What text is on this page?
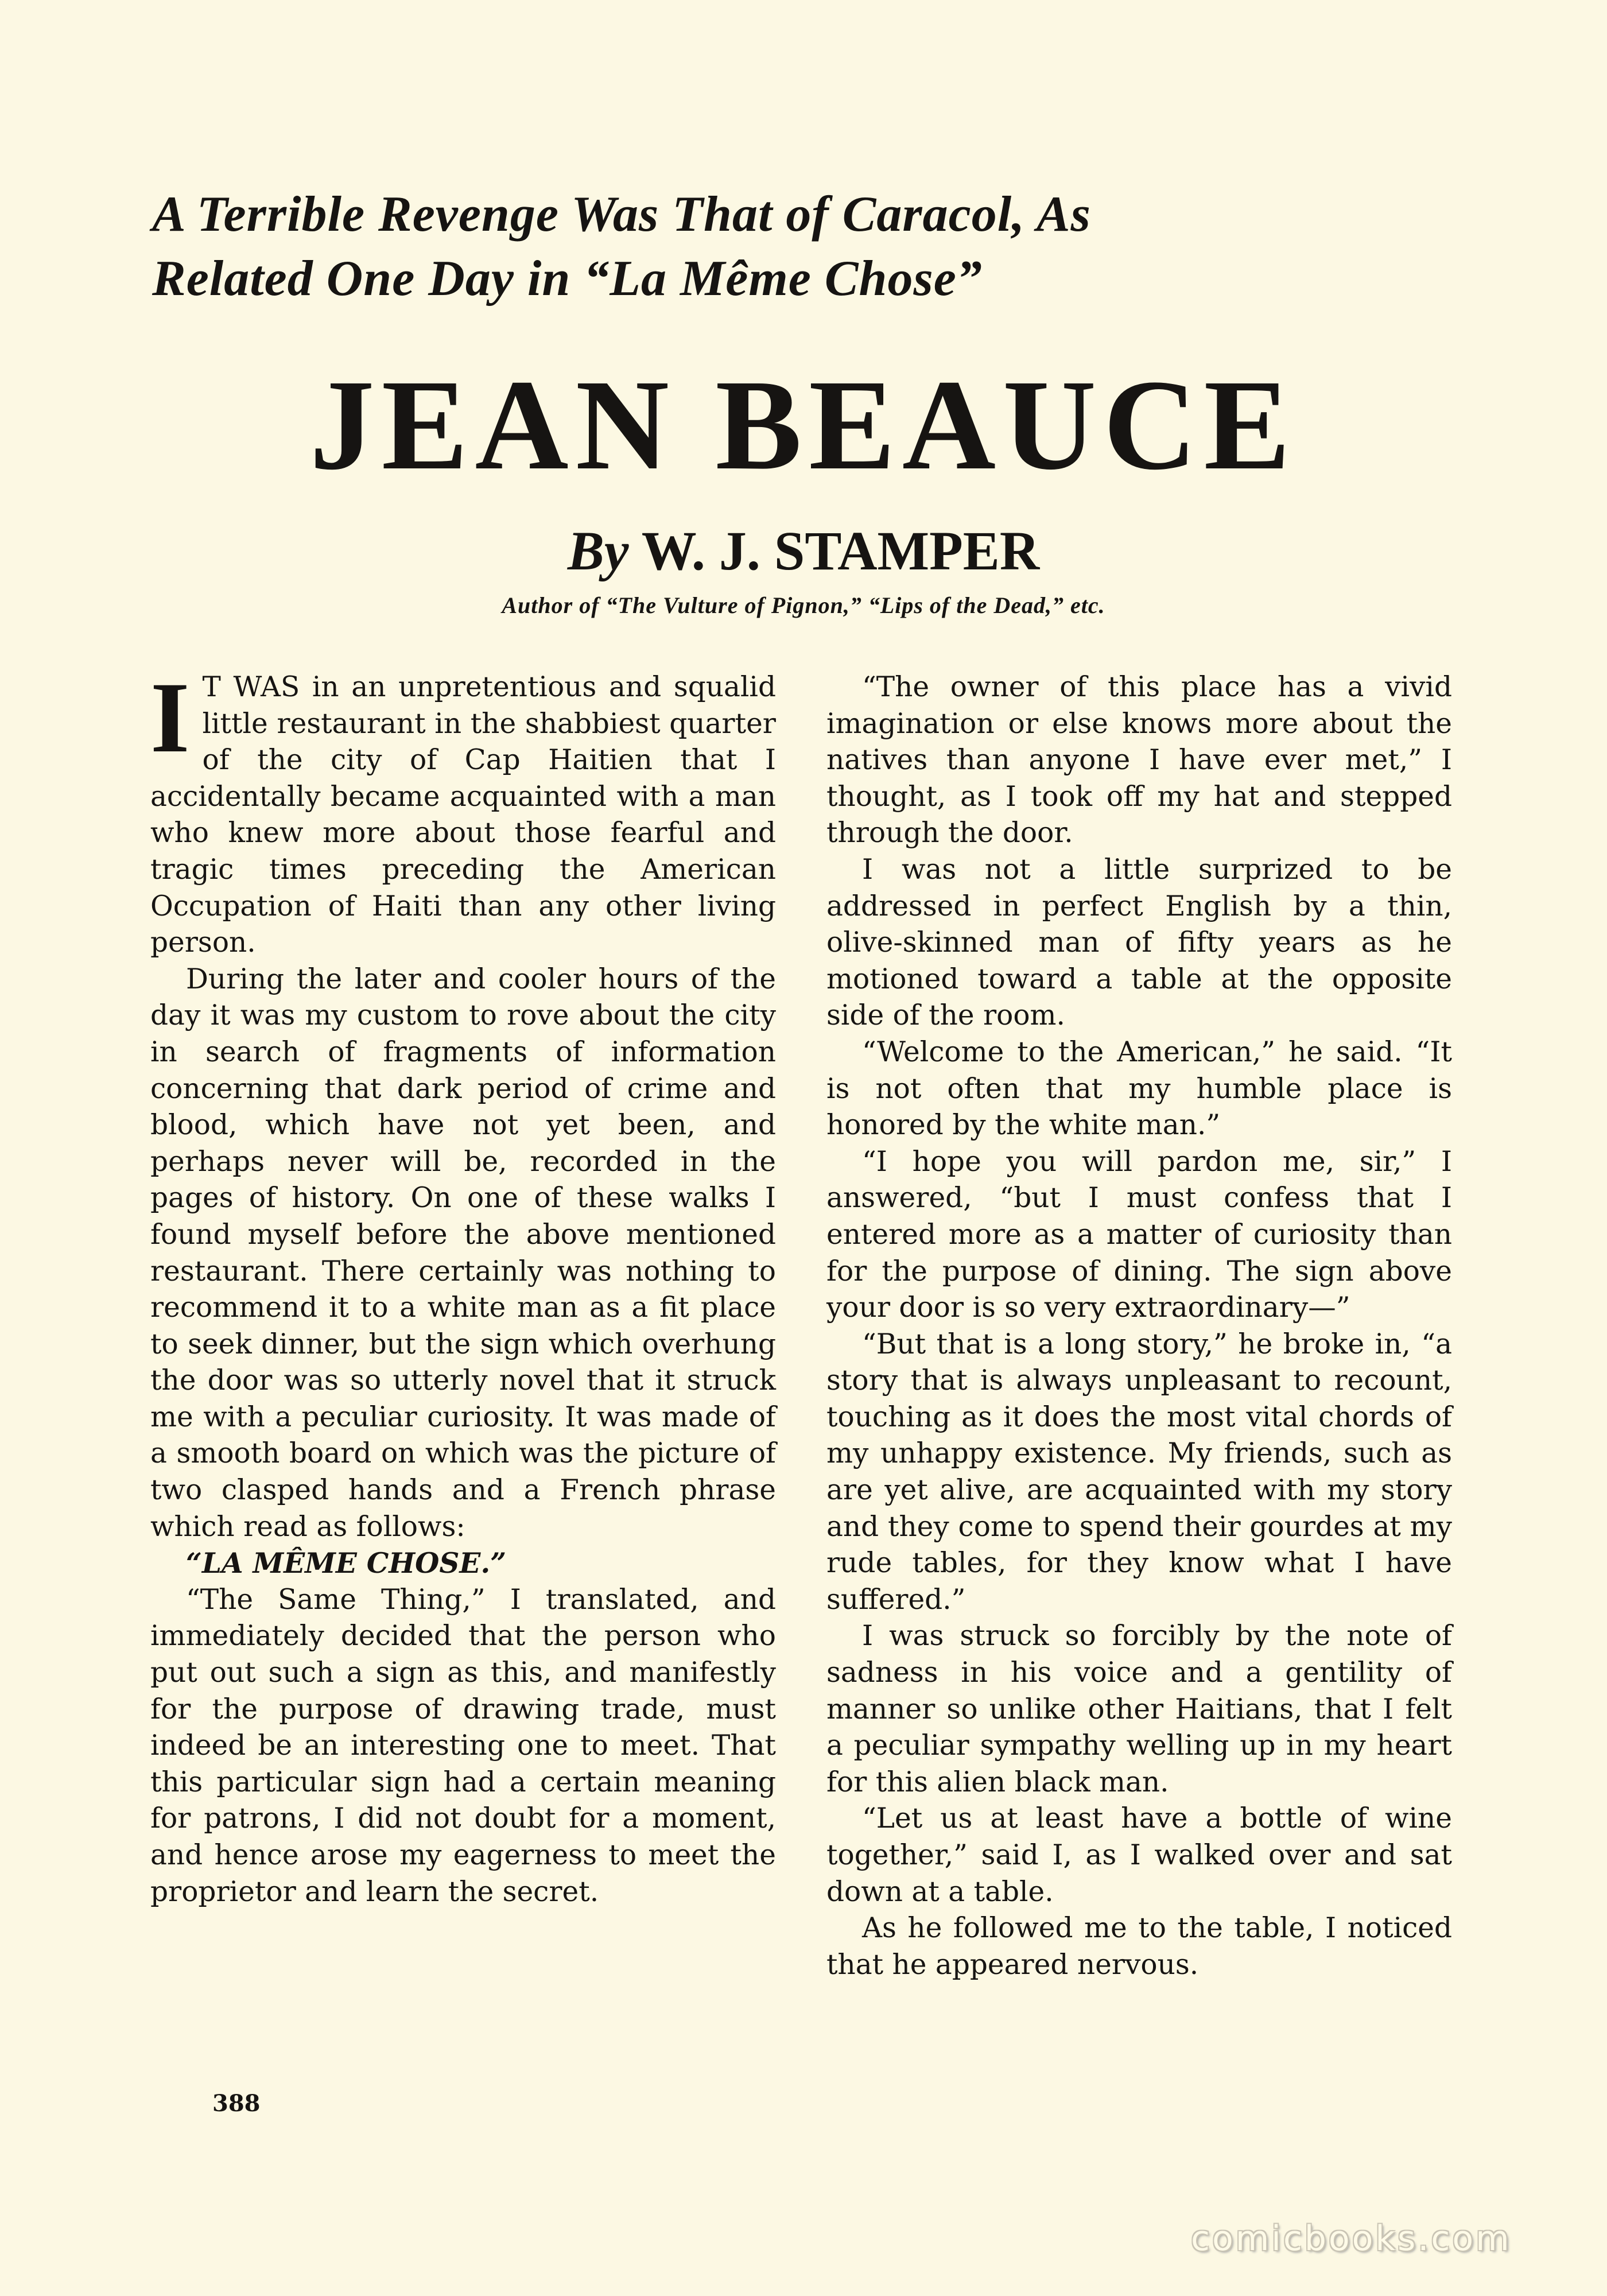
A Terrible Revenge Was That of Caracol, As
Related One Day in “La Même Chose”
JEAN BEAUCE
By W. J. STAMPER
Author of “The Vulture of Pignon,” “Lips of the Dead,” etc.

I T WAS in an unpretentious and squalid little restaurant in the shabbiest quarter of the city of Cap Haitien that I accidentally became acquainted with a man who knew more about those fearful and tragic times preceding the American Occupation of Haiti than any other living person.

During the later and cooler hours of the day it was my custom to rove about the city in search of fragments of information concerning that dark period of crime and blood, which have not yet been, and perhaps never will be, recorded in the pages of history. On one of these walks I found myself before the above mentioned restaurant. There certainly was nothing to recommend it to a white man as a fit place to seek dinner, but the sign which overhung the door was so utterly novel that it struck me with a peculiar curiosity. It was made of a smooth board on which was the picture of two clasped hands and a French phrase which read as follows:

“LA MÊME CHOSE.”

“The Same Thing,” I translated, and immediately decided that the person who put out such a sign as this, and manifestly for the purpose of drawing trade, must indeed be an interesting one to meet. That this particular sign had a certain meaning for patrons, I did not doubt for a moment, and hence arose my eagerness to meet the proprietor and learn the secret.

“The owner of this place has a vivid imagination or else knows more about the natives than anyone I have ever met,” I thought, as I took off my hat and stepped through the door.

I was not a little surprized to be addressed in perfect English by a thin, olive-skinned man of fifty years as he motioned toward a table at the opposite side of the room.

“Welcome to the American,” he said. “It is not often that my humble place is honored by the white man.”

“I hope you will pardon me, sir,” I answered, “but I must confess that I entered more as a matter of curiosity than for the purpose of dining. The sign above your door is so very extraordinary—”

“But that is a long story,” he broke in, “a story that is always unpleasant to recount, touching as it does the most vital chords of my unhappy existence. My friends, such as are yet alive, are acquainted with my story and they come to spend their gourdes at my rude tables, for they know what I have suffered.”

I was struck so forcibly by the note of sadness in his voice and a gentility of manner so unlike other Haitians, that I felt a peculiar sympathy welling up in my heart for this alien black man.

“Let us at least have a bottle of wine together,” said I, as I walked over and sat down at a table.

As he followed me to the table, I noticed that he appeared nervous.

388
comicbooks.com
